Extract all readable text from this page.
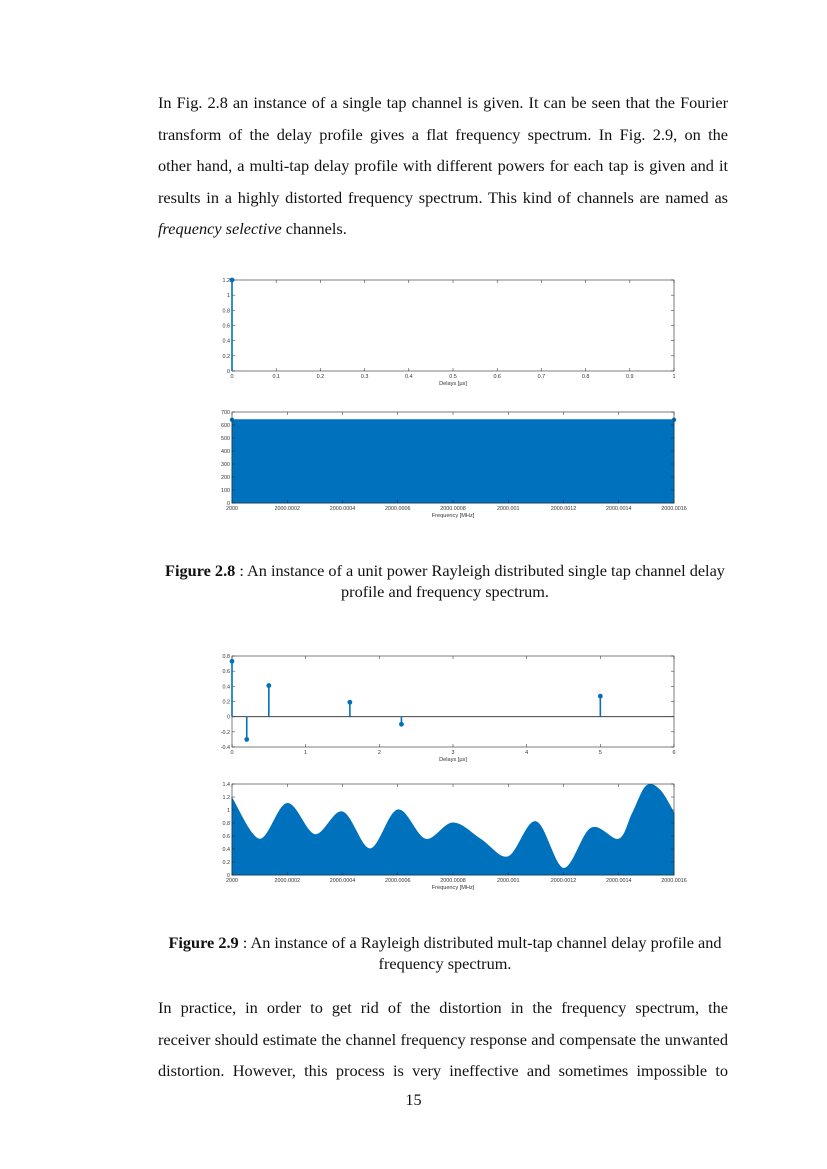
In Fig. 2.8 an instance of a single tap channel is given. It can be seen that the Fourier
transform of the delay profile gives a flat frequency spectrum. In Fig. 2.9, on the
other hand, a multi-tap delay profile with different powers for each tap is given and it
results in a highly distorted frequency spectrum. This kind of channels are named as
frequency selective channels.
0	0.1	0.2	0.3	0.4	0.5	0.6	0.7	0.8	0.9	1
0
0.2
0.4
0.6
0.8
1
1.2
Delays [μs]
2000	2000.0002	2000.0004	2000.0006	2000.0008	2000.001	2000.0012	2000.0014	2000.0016
0
100
200
300
400
500
600
700
Frequency [MHz]
Figure 2.8 : An instance of a unit power Rayleigh distributed single tap channel delay
profile and frequency spectrum.
0	1	2	3	4	5	6
-0.4
-0.2
0
0.2
0.4
0.6
0.8
Delays [μs]
2000	2000.0002	2000.0004	2000.0006	2000.0008	2000.001	2000.0012	2000.0014	2000.0016
0
0.2
0.4
0.6
0.8
1
1.2
1.4
Frequency [MHz]
Figure 2.9 : An instance of a Rayleigh distributed mult-tap channel delay profile and
frequency spectrum.
In practice, in order to get rid of the distortion in the frequency spectrum, the
receiver should estimate the channel frequency response and compensate the unwanted
distortion. However, this process is very ineffective and sometimes impossible to
15
